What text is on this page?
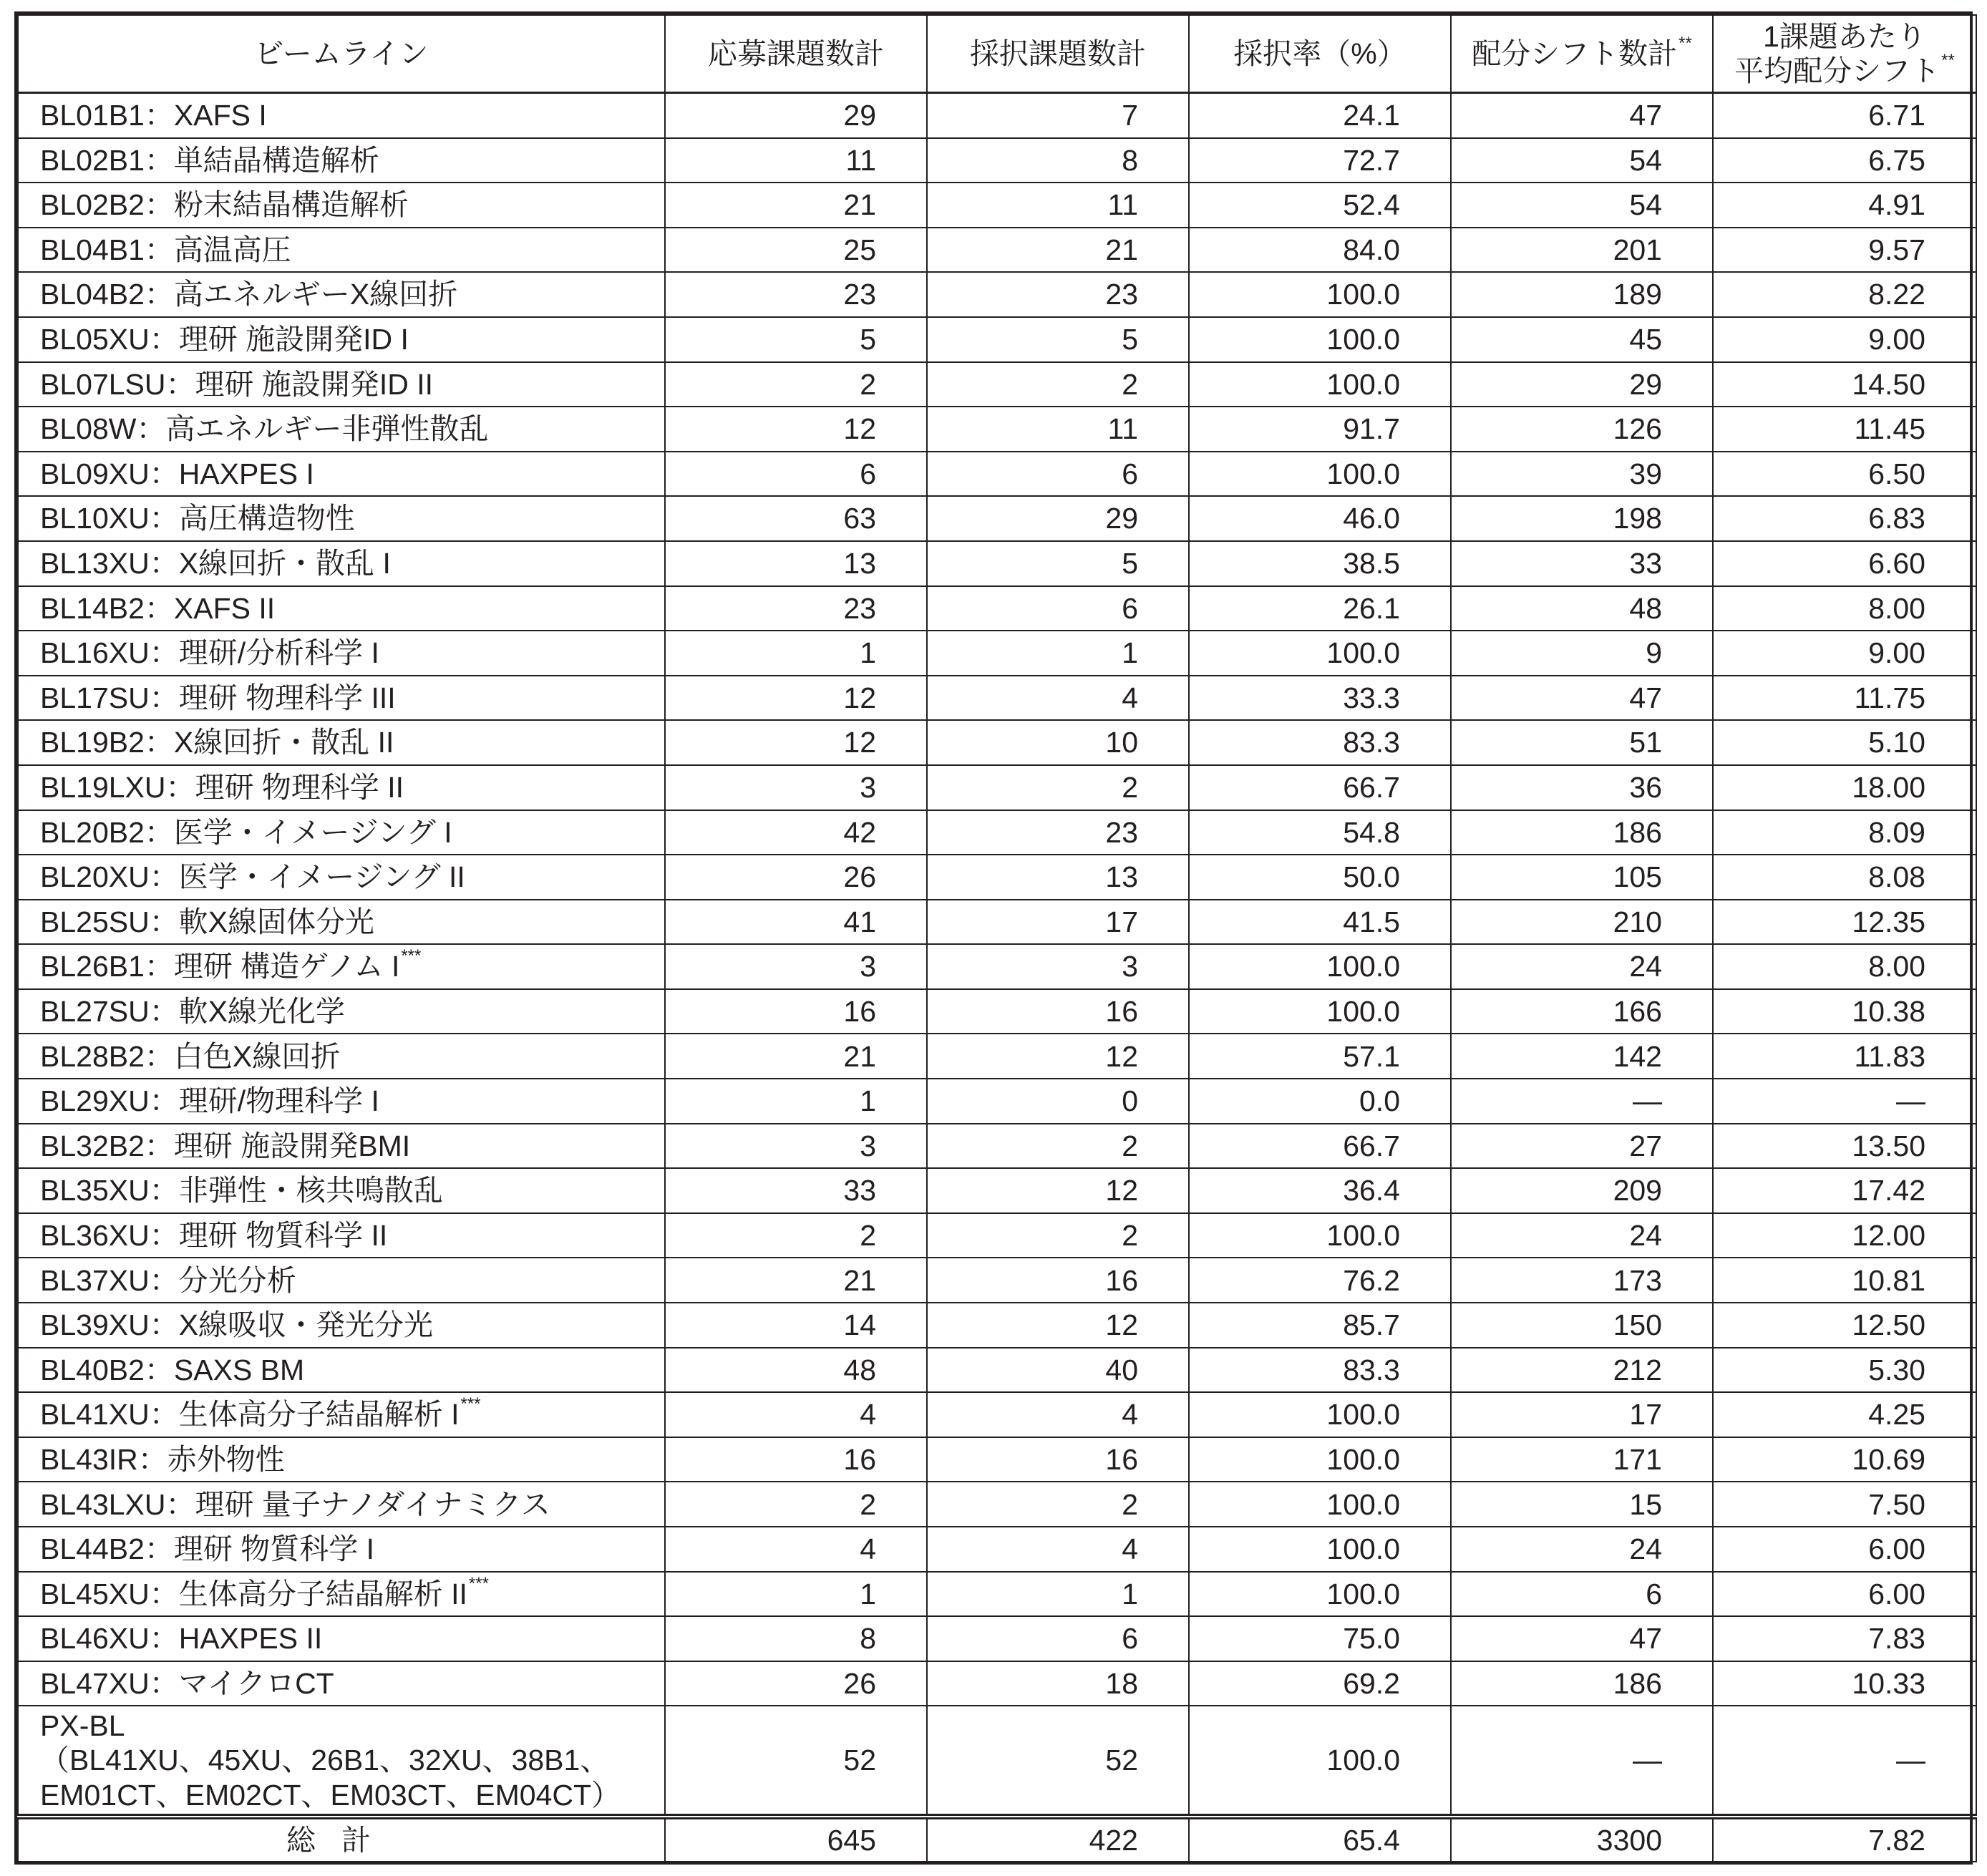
ビームライン	応募課題数計	採択課題数計	採択率（%）	配分シフト数計**	1課題あたり
平均配分シフト**

BL01B1：XAFS I	29	7	24.1	47	6.71
BL02B1：単結晶構造解析	11	8	72.7	54	6.75
BL02B2：粉末結晶構造解析	21	11	52.4	54	4.91
BL04B1：高温高圧	25	21	84.0	201	9.57
BL04B2：高エネルギーX線回折	23	23	100.0	189	8.22
BL05XU：理研 施設開発ID I	5	5	100.0	45	9.00
BL07LSU：理研 施設開発ID II	2	2	100.0	29	14.50
BL08W：高エネルギー非弾性散乱	12	11	91.7	126	11.45
BL09XU：HAXPES I	6	6	100.0	39	6.50
BL10XU：高圧構造物性	63	29	46.0	198	6.83
BL13XU：X線回折・散乱 I	13	5	38.5	33	6.60
BL14B2：XAFS II	23	6	26.1	48	8.00
BL16XU：理研/分析科学 I	1	1	100.0	9	9.00
BL17SU：理研 物理科学 III	12	4	33.3	47	11.75
BL19B2：X線回折・散乱 II	12	10	83.3	51	5.10
BL19LXU：理研 物理科学 II	3	2	66.7	36	18.00
BL20B2：医学・イメージング I	42	23	54.8	186	8.09
BL20XU：医学・イメージング II	26	13	50.0	105	8.08
BL25SU：軟X線固体分光	41	17	41.5	210	12.35
BL26B1：理研 構造ゲノム I***	3	3	100.0	24	8.00
BL27SU：軟X線光化学	16	16	100.0	166	10.38
BL28B2：白色X線回折	21	12	57.1	142	11.83
BL29XU：理研/物理科学 I	1	0	0.0	—	—
BL32B2：理研 施設開発BMI	3	2	66.7	27	13.50
BL35XU：非弾性・核共鳴散乱	33	12	36.4	209	17.42
BL36XU：理研 物質科学 II	2	2	100.0	24	12.00
BL37XU：分光分析	21	16	76.2	173	10.81
BL39XU：X線吸収・発光分光	14	12	85.7	150	12.50
BL40B2：SAXS BM	48	40	83.3	212	5.30
BL41XU：生体高分子結晶解析 I***	4	4	100.0	17	4.25
BL43IR：赤外物性	16	16	100.0	171	10.69
BL43LXU：理研 量子ナノダイナミクス	2	2	100.0	15	7.50
BL44B2：理研 物質科学 I	4	4	100.0	24	6.00
BL45XU：生体高分子結晶解析 II***	1	1	100.0	6	6.00
BL46XU：HAXPES II	8	6	75.0	47	7.83
BL47XU：マイクロCT	26	18	69.2	186	10.33

PX-BL
（BL41XU、45XU、26B1、32XU、38B1、
EM01CT、EM02CT、EM03CT、EM04CT）	52	52	100.0	—	—
総計	645	422	65.4	3300	7.82
